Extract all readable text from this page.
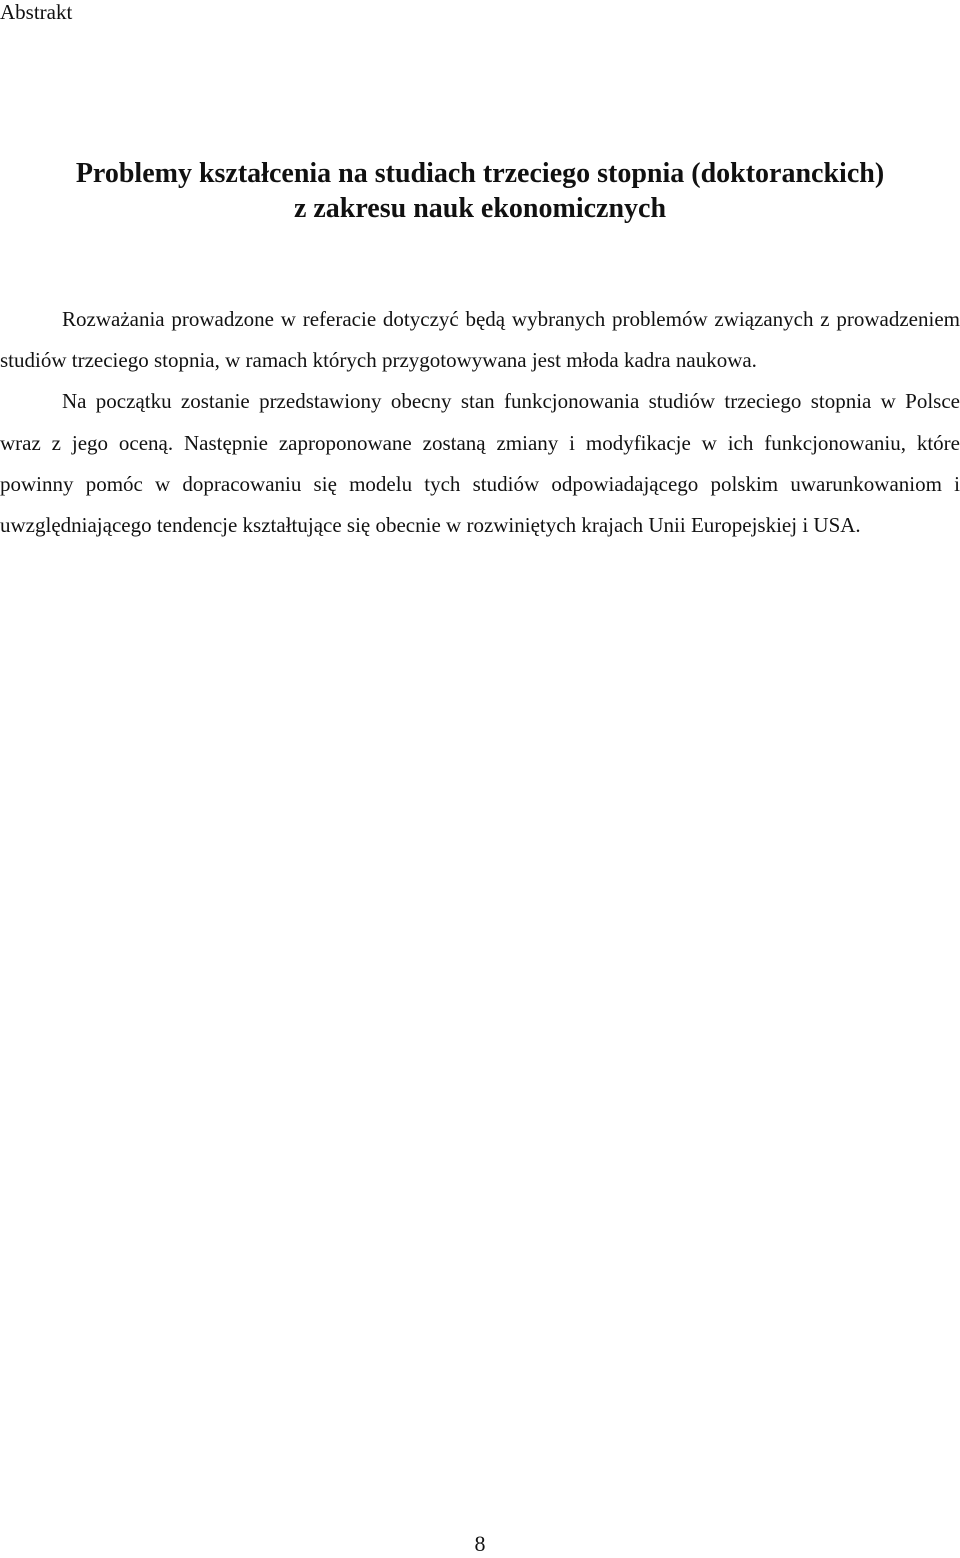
Abstrakt
Problemy kształcenia na studiach trzeciego stopnia (doktoranckich)
z zakresu nauk ekonomicznych

Rozważania prowadzone w referacie dotyczyć będą wybranych problemów związanych z prowadzeniem studiów trzeciego stopnia, w ramach których przygotowywana jest młoda kadra naukowa.

Na początku zostanie przedstawiony obecny stan funkcjonowania studiów trzeciego stopnia w Polsce wraz z jego oceną. Następnie zaproponowane zostaną zmiany i modyfikacje w ich funkcjonowaniu, które powinny pomóc w dopracowaniu się modelu tych studiów odpowiadającego polskim uwarunkowaniom i uwzględniającego tendencje kształtujące się obecnie w rozwiniętych krajach Unii Europejskiej i USA.

8
